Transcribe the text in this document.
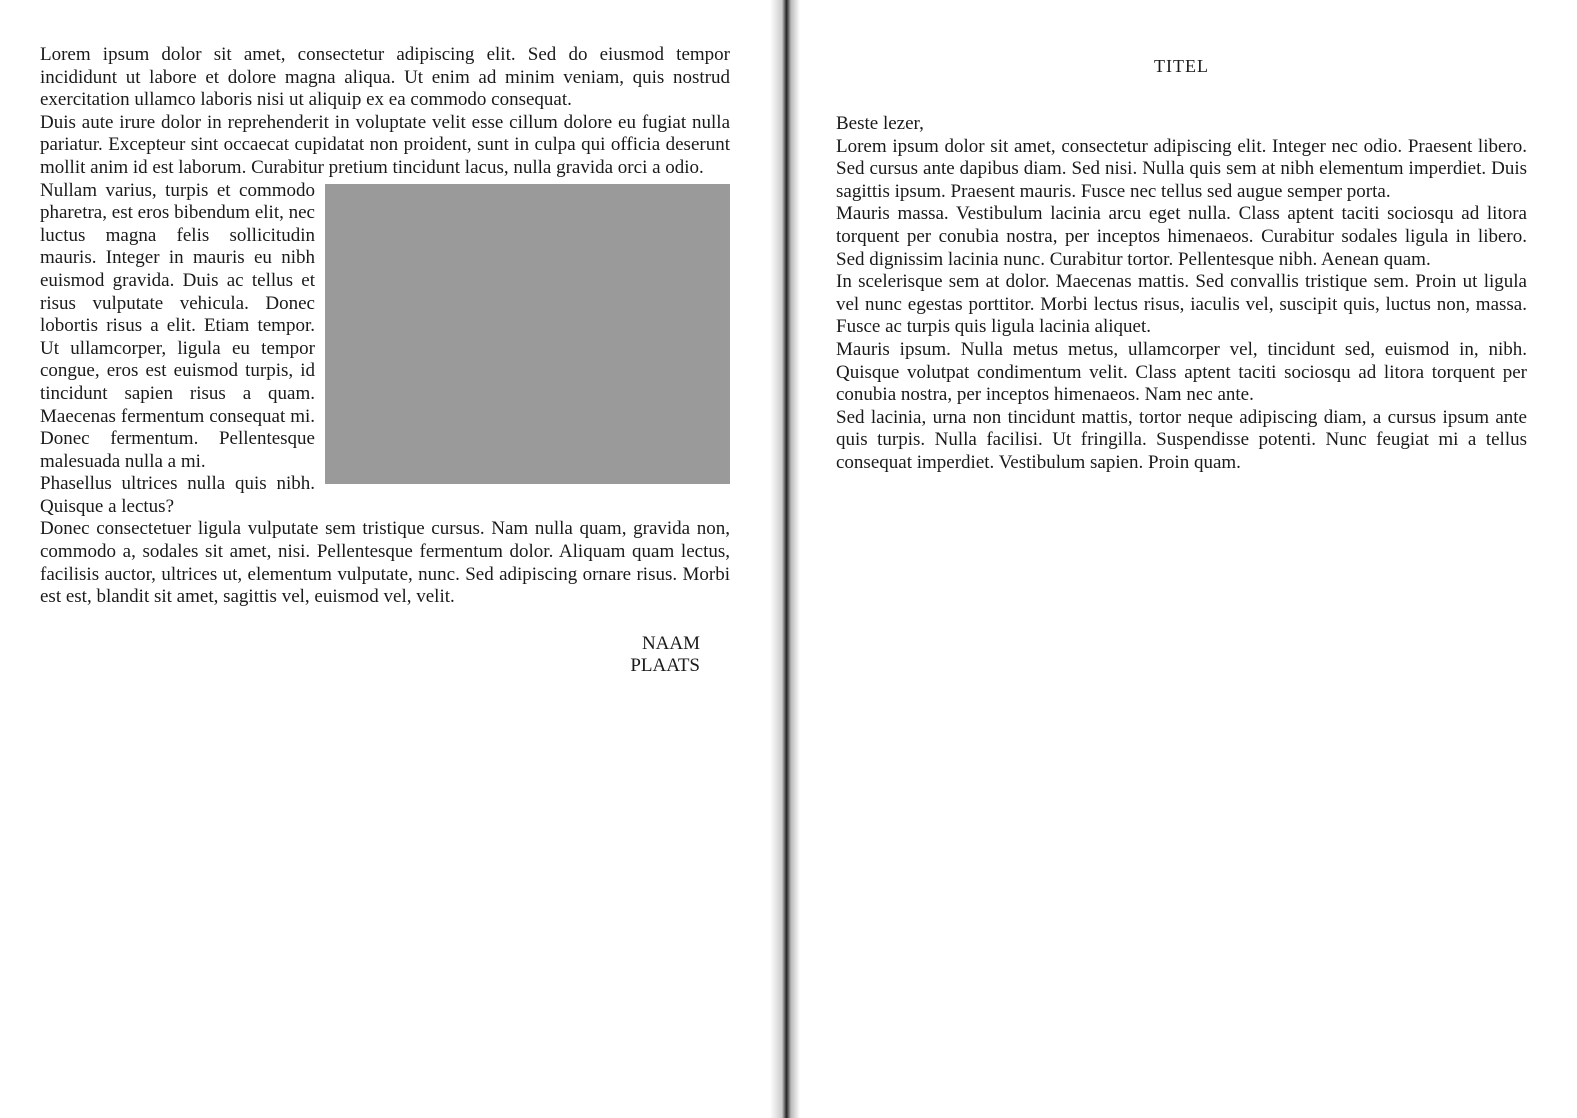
Lorem ipsum dolor sit amet, consectetur adipiscing elit. Sed do eiusmod tempor incididunt ut labore et dolore magna aliqua. Ut enim ad minim veniam, quis nostrud exercitation ullamco laboris nisi ut aliquip ex ea commodo consequat.

Duis aute irure dolor in reprehenderit in voluptate velit esse cillum dolore eu fugiat nulla pariatur. Excepteur sint occaecat cupidatat non proident, sunt in culpa qui officia deserunt mollit anim id est laborum. Curabitur pretium tincidunt lacus, nulla gravida orci a odio.

Nullam varius, turpis et commodo pharetra, est eros bibendum elit, nec luctus magna felis sollicitudin mauris. Integer in mauris eu nibh euismod gravida. Duis ac tellus et risus vulputate vehicula. Donec lobortis risus a elit. Etiam tempor. Ut ullamcorper, ligula eu tempor congue, eros est euismod turpis, id tincidunt sapien risus a quam. Maecenas fermentum consequat mi. Donec fermentum. Pellentesque malesuada nulla a mi.

Phasellus ultrices nulla quis nibh. Quisque a lectus?

Donec consectetuer ligula vulputate sem tristique cursus. Nam nulla quam, gravida non, commodo a, sodales sit amet, nisi. Pellentesque fermentum dolor. Aliquam quam lectus, facilisis auctor, ultrices ut, elementum vulputate, nunc. Sed adipiscing ornare risus. Morbi est est, blandit sit amet, sagittis vel, euismod vel, velit.

NAAM
PLAATS
TITEL

Beste lezer,

Lorem ipsum dolor sit amet, consectetur adipiscing elit. Integer nec odio. Praesent libero. Sed cursus ante dapibus diam. Sed nisi. Nulla quis sem at nibh elementum imperdiet. Duis sagittis ipsum. Praesent mauris. Fusce nec tellus sed augue semper porta.

Mauris massa. Vestibulum lacinia arcu eget nulla. Class aptent taciti sociosqu ad litora torquent per conubia nostra, per inceptos himenaeos. Curabitur sodales ligula in libero. Sed dignissim lacinia nunc. Curabitur tortor. Pellentesque nibh. Aenean quam.

In scelerisque sem at dolor. Maecenas mattis. Sed convallis tristique sem. Proin ut ligula vel nunc egestas porttitor. Morbi lectus risus, iaculis vel, suscipit quis, luctus non, massa. Fusce ac turpis quis ligula lacinia aliquet.

Mauris ipsum. Nulla metus metus, ullamcorper vel, tincidunt sed, euismod in, nibh. Quisque volutpat condimentum velit. Class aptent taciti sociosqu ad litora torquent per conubia nostra, per inceptos himenaeos. Nam nec ante.

Sed lacinia, urna non tincidunt mattis, tortor neque adipiscing diam, a cursus ipsum ante quis turpis. Nulla facilisi. Ut fringilla. Suspendisse potenti. Nunc feugiat mi a tellus consequat imperdiet. Vestibulum sapien. Proin quam.
